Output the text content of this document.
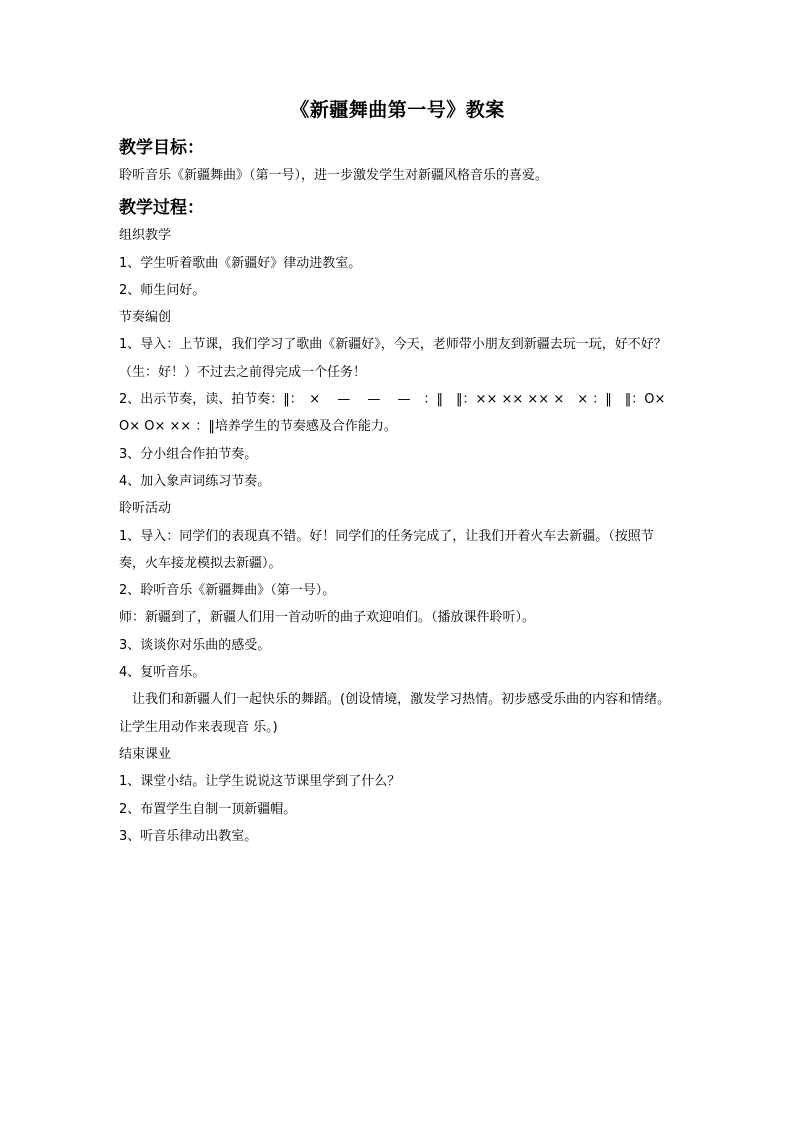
《新疆舞曲第一号》教案
教学目标：

聆听音乐《新疆舞曲》（第一号），进一步激发学生对新疆风格音乐的喜爱。

教学过程：

组织教学

1、学生听着歌曲《新疆好》律动进教室。

2、师生问好。

节奏编创

1、导入：上节课，我们学习了歌曲《新疆好》，今天，老师带小朋友到新疆去玩一玩，好不好？（生：好！）不过去之前得完成一个任务！

2、出示节奏，读、拍节奏：‖：　×　 —　 —　 —　：‖　‖：×× ×× ×× ×　× ：‖　‖：O× O× O× ×× ：‖培养学生的节奏感及合作能力。

3、分小组合作拍节奏。

4、加入象声词练习节奏。

聆听活动

1、导入：同学们的表现真不错。好！同学们的任务完成了，让我们开着火车去新疆。（按照节奏，火车接龙模拟去新疆）。

2、聆听音乐《新疆舞曲》（第一号）。

师：新疆到了，新疆人们用一首动听的曲子欢迎咱们。（播放课件聆听）。

3、谈谈你对乐曲的感受。

4、复听音乐。

让我们和新疆人们一起快乐的舞蹈。(创设情境，激发学习热情。初步感受乐曲的内容和情绪。让学生用动作来表现音 乐。)

结束课业

1、课堂小结。让学生说说这节课里学到了什么？

2、布置学生自制一顶新疆帽。

3、听音乐律动出教室。
